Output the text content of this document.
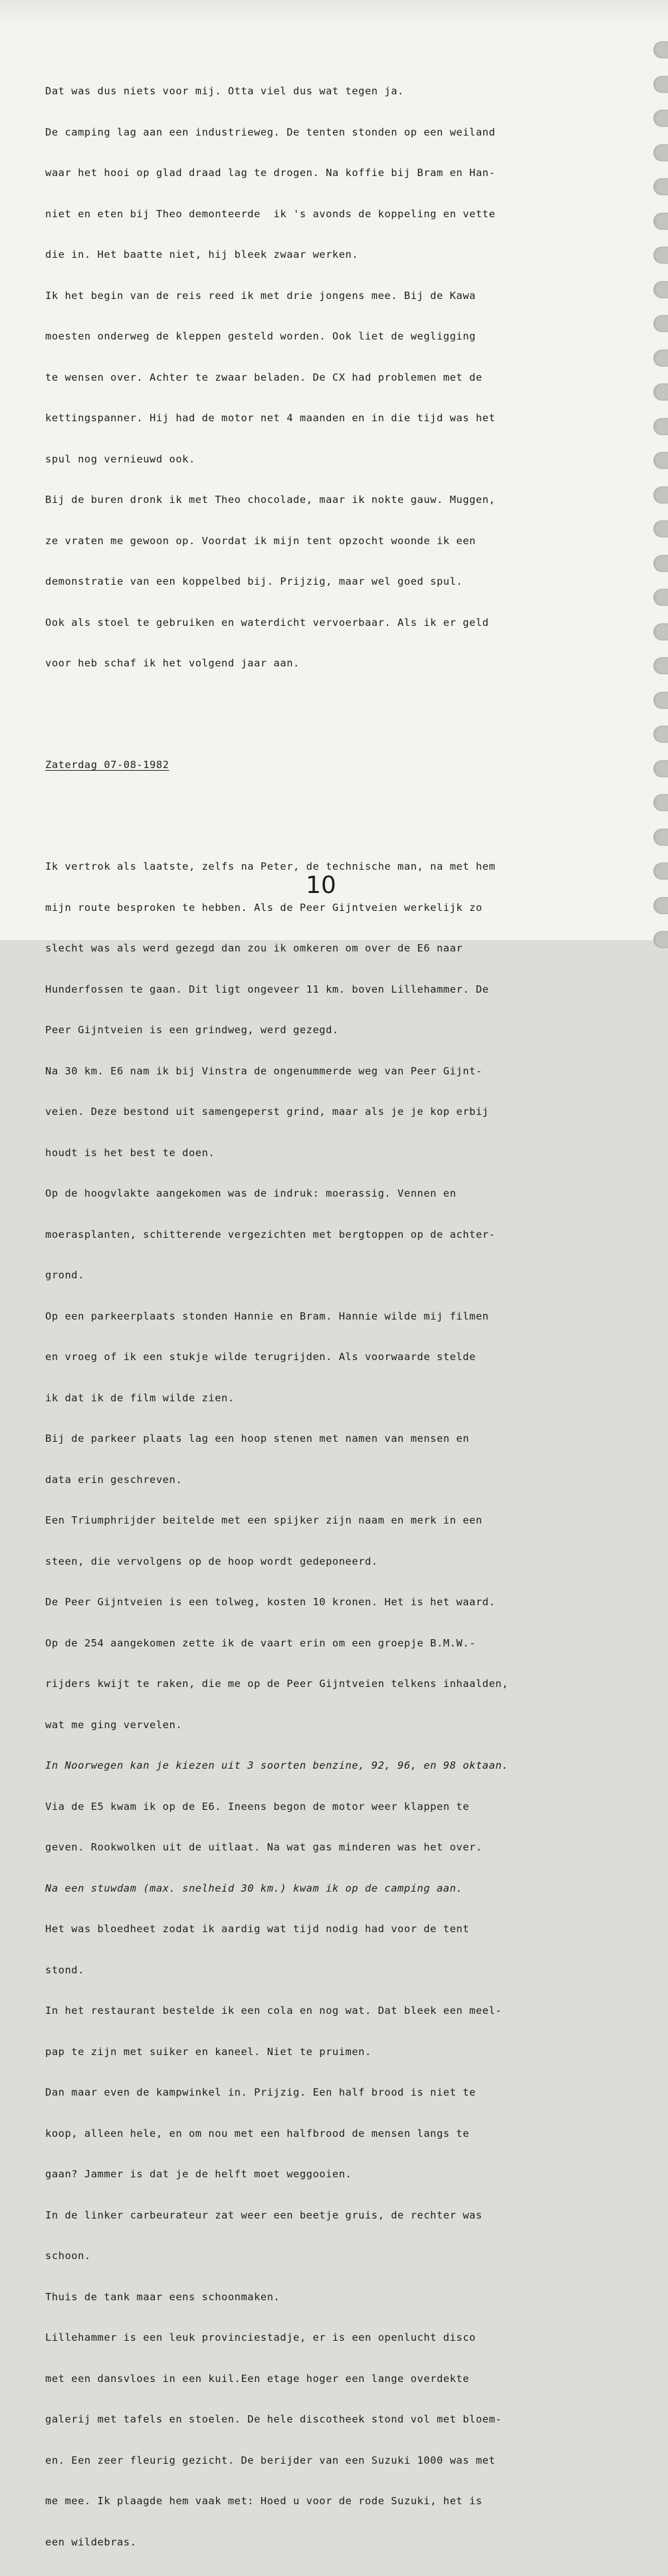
Dat was dus niets voor mij. Otta viel dus wat tegen ja.

De camping lag aan een industrieweg. De tenten stonden op een weiland

waar het hooi op glad draad lag te drogen. Na koffie bij Bram en Han-

niet en eten bij Theo demonteerde  ik 's avonds de koppeling en vette

die in. Het baatte niet, hij bleek zwaar werken.

Ik het begin van de reis reed ik met drie jongens mee. Bij de Kawa

moesten onderweg de kleppen gesteld worden. Ook liet de wegligging

te wensen over. Achter te zwaar beladen. De CX had problemen met de

kettingspanner. Hij had de motor net 4 maanden en in die tijd was het

spul nog vernieuwd ook.

Bij de buren dronk ik met Theo chocolade, maar ik nokte gauw. Muggen,

ze vraten me gewoon op. Voordat ik mijn tent opzocht woonde ik een

demonstratie van een koppelbed bij. Prijzig, maar wel goed spul.

Ook als stoel te gebruiken en waterdicht vervoerbaar. Als ik er geld

voor heb schaf ik het volgend jaar aan.

Zaterdag 07-08-1982

Ik vertrok als laatste, zelfs na Peter, de technische man, na met hem

mijn route besproken te hebben. Als de Peer Gijntveien werkelijk zo

slecht was als werd gezegd dan zou ik omkeren om over de E6 naar

Hunderfossen te gaan. Dit ligt ongeveer 11 km. boven Lillehammer. De

Peer Gijntveien is een grindweg, werd gezegd.

Na 30 km. E6 nam ik bij Vinstra de ongenummerde weg van Peer Gijnt-

veien. Deze bestond uit samengeperst grind, maar als je je kop erbij

houdt is het best te doen.

Op de hoogvlakte aangekomen was de indruk: moerassig. Vennen en

moerasplanten, schitterende vergezichten met bergtoppen op de achter-

grond.

Op een parkeerplaats stonden Hannie en Bram. Hannie wilde mij filmen

en vroeg of ik een stukje wilde terugrijden. Als voorwaarde stelde

ik dat ik de film wilde zien.

Bij de parkeer plaats lag een hoop stenen met namen van mensen en

data erin geschreven.

Een Triumphrijder beitelde met een spijker zijn naam en merk in een

steen, die vervolgens op de hoop wordt gedeponeerd.

De Peer Gijntveien is een tolweg, kosten 10 kronen. Het is het waard.

Op de 254 aangekomen zette ik de vaart erin om een groepje B.M.W.-

rijders kwijt te raken, die me op de Peer Gijntveien telkens inhaalden,

wat me ging vervelen.

In Noorwegen kan je kiezen uit 3 soorten benzine, 92, 96, en 98 oktaan.

Via de E5 kwam ik op de E6. Ineens begon de motor weer klappen te

geven. Rookwolken uit de uitlaat. Na wat gas minderen was het over.

Na een stuwdam (max. snelheid 30 km.) kwam ik op de camping aan.

Het was bloedheet zodat ik aardig wat tijd nodig had voor de tent

stond.

In het restaurant bestelde ik een cola en nog wat. Dat bleek een meel-

pap te zijn met suiker en kaneel. Niet te pruimen.

Dan maar even de kampwinkel in. Prijzig. Een half brood is niet te

koop, alleen hele, en om nou met een halfbrood de mensen langs te

gaan? Jammer is dat je de helft moet weggooien.

In de linker carbeurateur zat weer een beetje gruis, de rechter was

schoon.

Thuis de tank maar eens schoonmaken.

Lillehammer is een leuk provinciestadje, er is een openlucht disco

met een dansvloes in een kuil.Een etage hoger een lange overdekte

galerij met tafels en stoelen. De hele discotheek stond vol met bloem-

en. Een zeer fleurig gezicht. De berijder van een Suzuki 1000 was met

me mee. Ik plaagde hem vaak met: Hoed u voor de rode Suzuki, het is

een wildebras.

10
